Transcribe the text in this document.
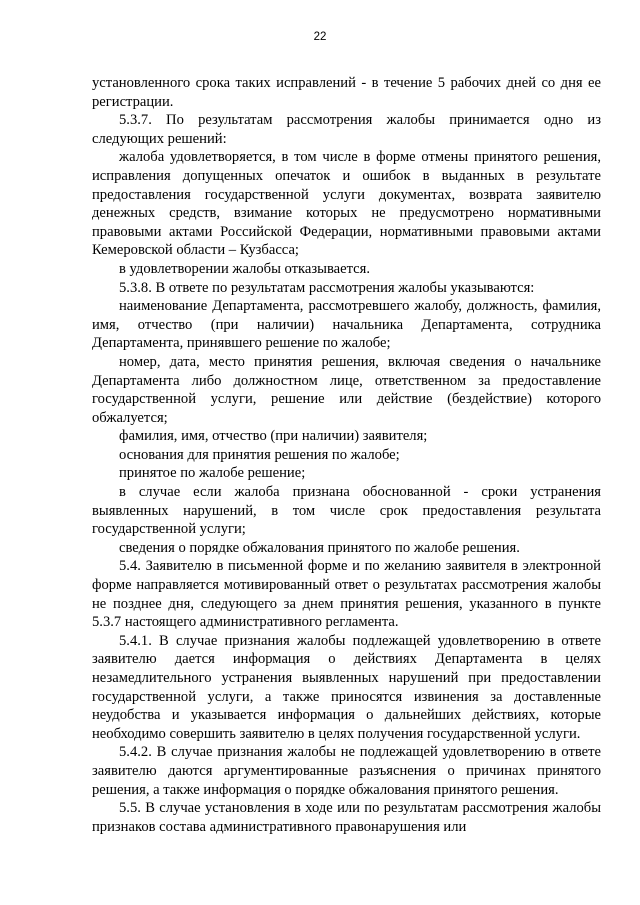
22

установленного срока таких исправлений - в течение 5 рабочих дней со дня ее регистрации.

5.3.7. По результатам рассмотрения жалобы принимается одно из следующих решений:

жалоба удовлетворяется, в том числе в форме отмены принятого решения, исправления допущенных опечаток и ошибок в выданных в результате предоставления государственной услуги документах, возврата заявителю денежных средств, взимание которых не предусмотрено нормативными правовыми актами Российской Федерации, нормативными правовыми актами Кемеровской области – Кузбасса;

в удовлетворении жалобы отказывается.

5.3.8. В ответе по результатам рассмотрения жалобы указываются:

наименование Департамента, рассмотревшего жалобу, должность, фамилия, имя, отчество (при наличии) начальника Департамента, сотрудника Департамента, принявшего решение по жалобе;

номер, дата, место принятия решения, включая сведения о начальнике Департамента либо должностном лице, ответственном за предоставление государственной услуги, решение или действие (бездействие) которого обжалуется;

фамилия, имя, отчество (при наличии) заявителя;

основания для принятия решения по жалобе;

принятое по жалобе решение;

в случае если жалоба признана обоснованной - сроки устранения выявленных нарушений, в том числе срок предоставления результата государственной услуги;

сведения о порядке обжалования принятого по жалобе решения.

5.4. Заявителю в письменной форме и по желанию заявителя в электронной форме направляется мотивированный ответ о результатах рассмотрения жалобы не позднее дня, следующего за днем принятия решения, указанного в пункте 5.3.7 настоящего административного регламента.

5.4.1. В случае признания жалобы подлежащей удовлетворению в ответе заявителю дается информация о действиях Департамента в целях незамедлительного устранения выявленных нарушений при предоставлении государственной услуги, а также приносятся извинения за доставленные неудобства и указывается информация о дальнейших действиях, которые необходимо совершить заявителю в целях получения государственной услуги.

5.4.2. В случае признания жалобы не подлежащей удовлетворению в ответе заявителю даются аргументированные разъяснения о причинах принятого решения, а также информация о порядке обжалования принятого решения.

5.5. В случае установления в ходе или по результатам рассмотрения жалобы признаков состава административного правонарушения или
